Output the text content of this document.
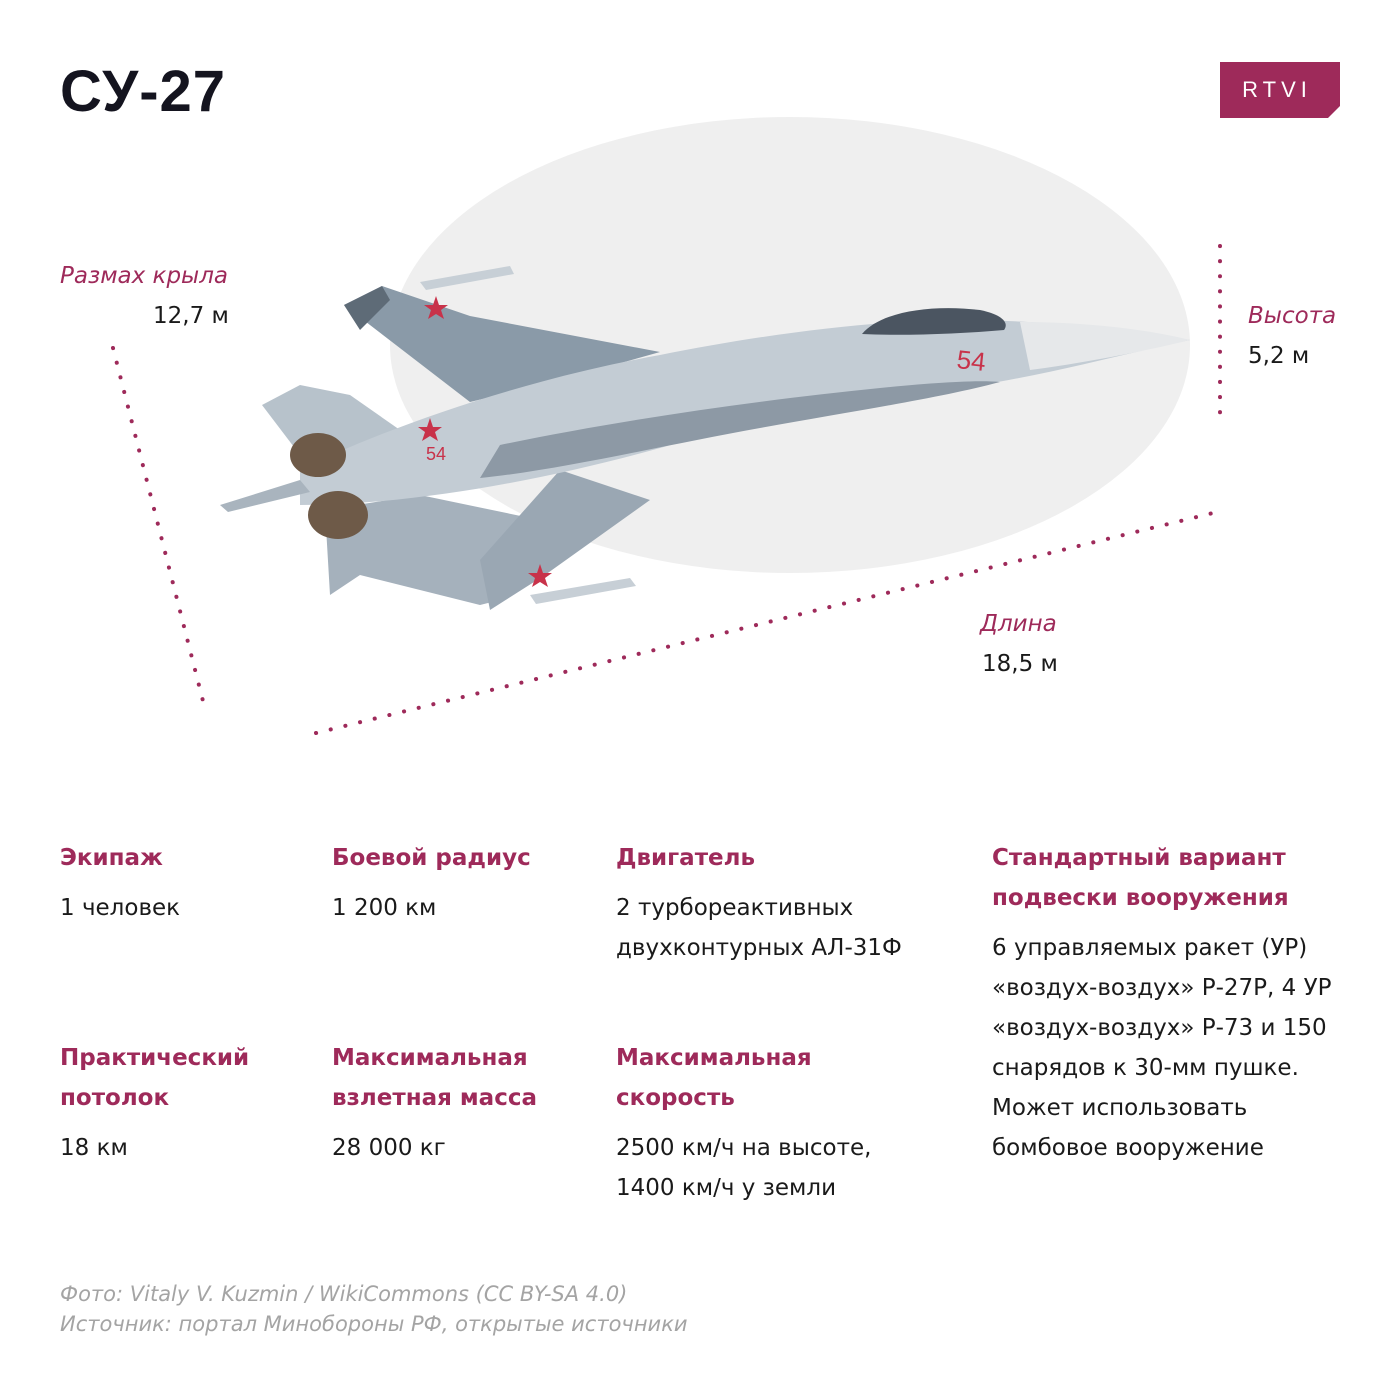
СУ-27	RTVI
54
54
Размах крыла
12,7 м	Высота
5,2 м
Длина
18,5 м
Экипаж
1 человек
Боевой радиус
1 200 км
Двигатель
2 турбореактивных двухконтурных АЛ-31Ф
Стандартный вариант подвески вооружения
6 управляемых ракет (УР) «воздух-воздух» Р-27Р, 4 УР «воздух-воздух» Р-73 и 150 снарядов к 30-мм пушке. Может использовать бомбовое вооружение
Практический потолок
18 км
Максимальная взлетная масса
28 000 кг
Максимальная скорость
2500 км/ч на высоте, 1400 км/ч у земли
Фото: Vitaly V. Kuzmin / WikiCommons (CC BY-SA 4.0)
Источник: портал Минобороны РФ, открытые источники
